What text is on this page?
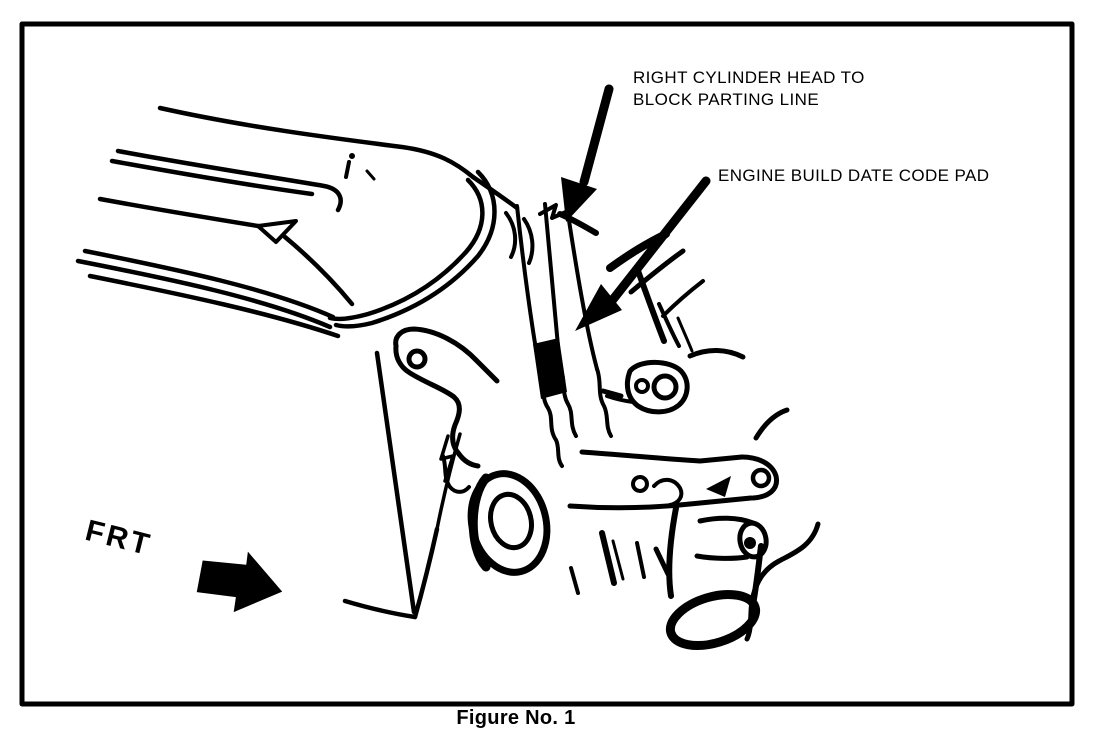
RIGHT CYLINDER HEAD TO
BLOCK PARTING LINE
ENGINE BUILD DATE CODE PAD
FRT
Figure No. 1
